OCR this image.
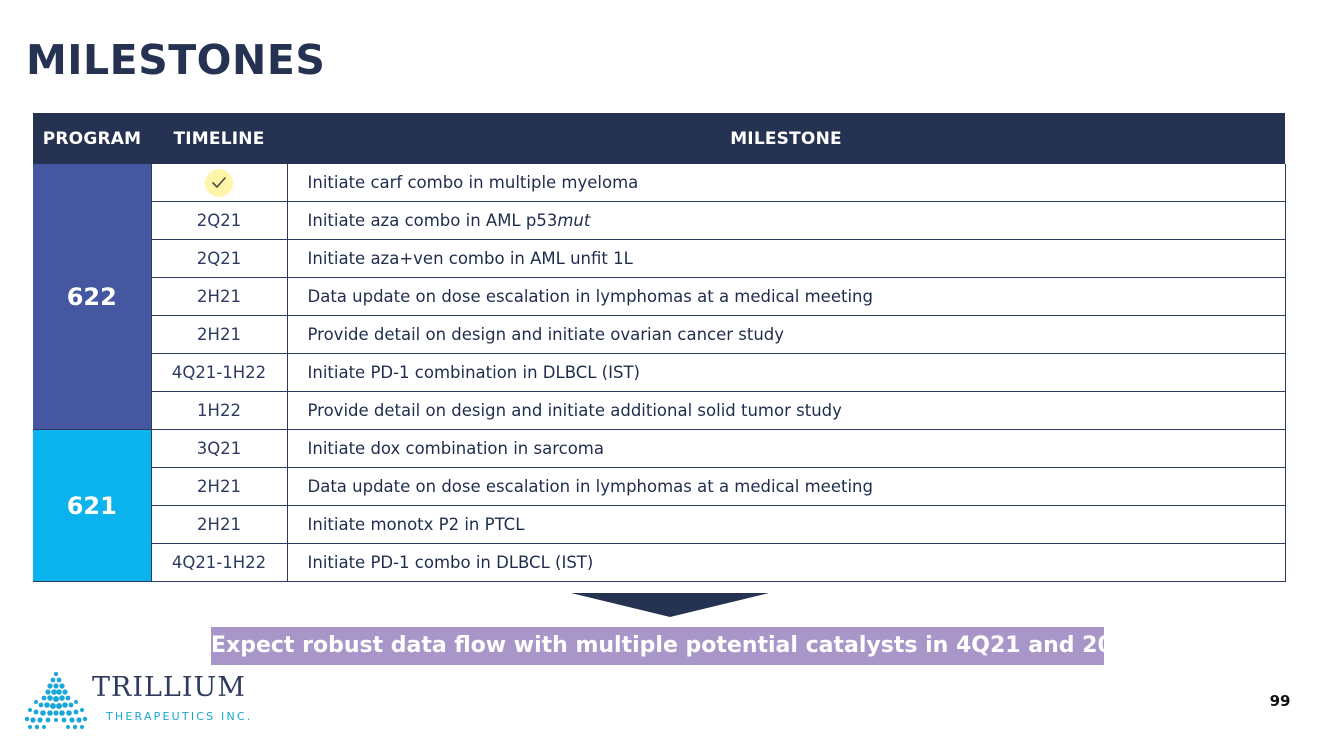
MILESTONES
PROGRAM	TIMELINE	MILESTONE
622		Initiate carf combo in multiple myeloma
	2Q21	Initiate aza combo in AML p53mut
	2Q21	Initiate aza+ven combo in AML unfit 1L
	2H21	Data update on dose escalation in lymphomas at a medical meeting
	2H21	Provide detail on design and initiate ovarian cancer study
	4Q21-1H22	Initiate PD-1 combination in DLBCL (IST)
	1H22	Provide detail on design and initiate additional solid tumor study
621	3Q21	Initiate dox combination in sarcoma
	2H21	Data update on dose escalation in lymphomas at a medical meeting
	2H21	Initiate monotx P2 in PTCL
	4Q21-1H22	Initiate PD-1 combo in DLBCL (IST)
Expect robust data flow with multiple potential catalysts in 4Q21 and 2022
TRILLIUM
THERAPEUTICS INC.
99
